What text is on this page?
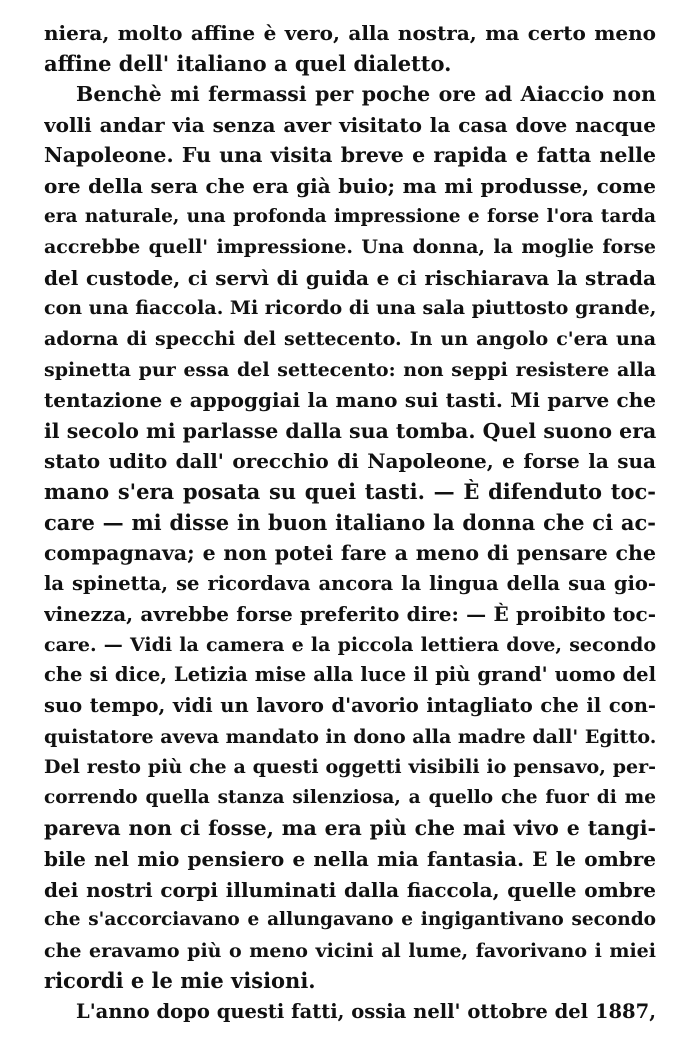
niera, molto affine è vero, alla nostra, ma certo meno
affine dell' italiano a quel dialetto.
Benchè mi fermassi per poche ore ad Aiaccio non
volli andar via senza aver visitato la casa dove nacque
Napoleone. Fu una visita breve e rapida e fatta nelle
ore della sera che era già buio; ma mi produsse, come
era naturale, una profonda impressione e forse l'ora tarda
accrebbe quell' impressione. Una donna, la moglie forse
del custode, ci servì di guida e ci rischiarava la strada
con una fiaccola. Mi ricordo di una sala piuttosto grande,
adorna di specchi del settecento. In un angolo c'era una
spinetta pur essa del settecento: non seppi resistere alla
tentazione e appoggiai la mano sui tasti. Mi parve che
il secolo mi parlasse dalla sua tomba. Quel suono era
stato udito dall' orecchio di Napoleone, e forse la sua
mano s'era posata su quei tasti. — È difenduto toc-
care — mi disse in buon italiano la donna che ci ac-
compagnava; e non potei fare a meno di pensare che
la spinetta, se ricordava ancora la lingua della sua gio-
vinezza, avrebbe forse preferito dire: — È proibito toc-
care. — Vidi la camera e la piccola lettiera dove, secondo
che si dice, Letizia mise alla luce il più grand' uomo del
suo tempo, vidi un lavoro d'avorio intagliato che il con-
quistatore aveva mandato in dono alla madre dall' Egitto.
Del resto più che a questi oggetti visibili io pensavo, per-
correndo quella stanza silenziosa, a quello che fuor di me
pareva non ci fosse, ma era più che mai vivo e tangi-
bile nel mio pensiero e nella mia fantasia. E le ombre
dei nostri corpi illuminati dalla fiaccola, quelle ombre
che s'accorciavano e allungavano e ingigantivano secondo
che eravamo più o meno vicini al lume, favorivano i miei
ricordi e le mie visioni.
L'anno dopo questi fatti, ossia nell' ottobre del 1887,
